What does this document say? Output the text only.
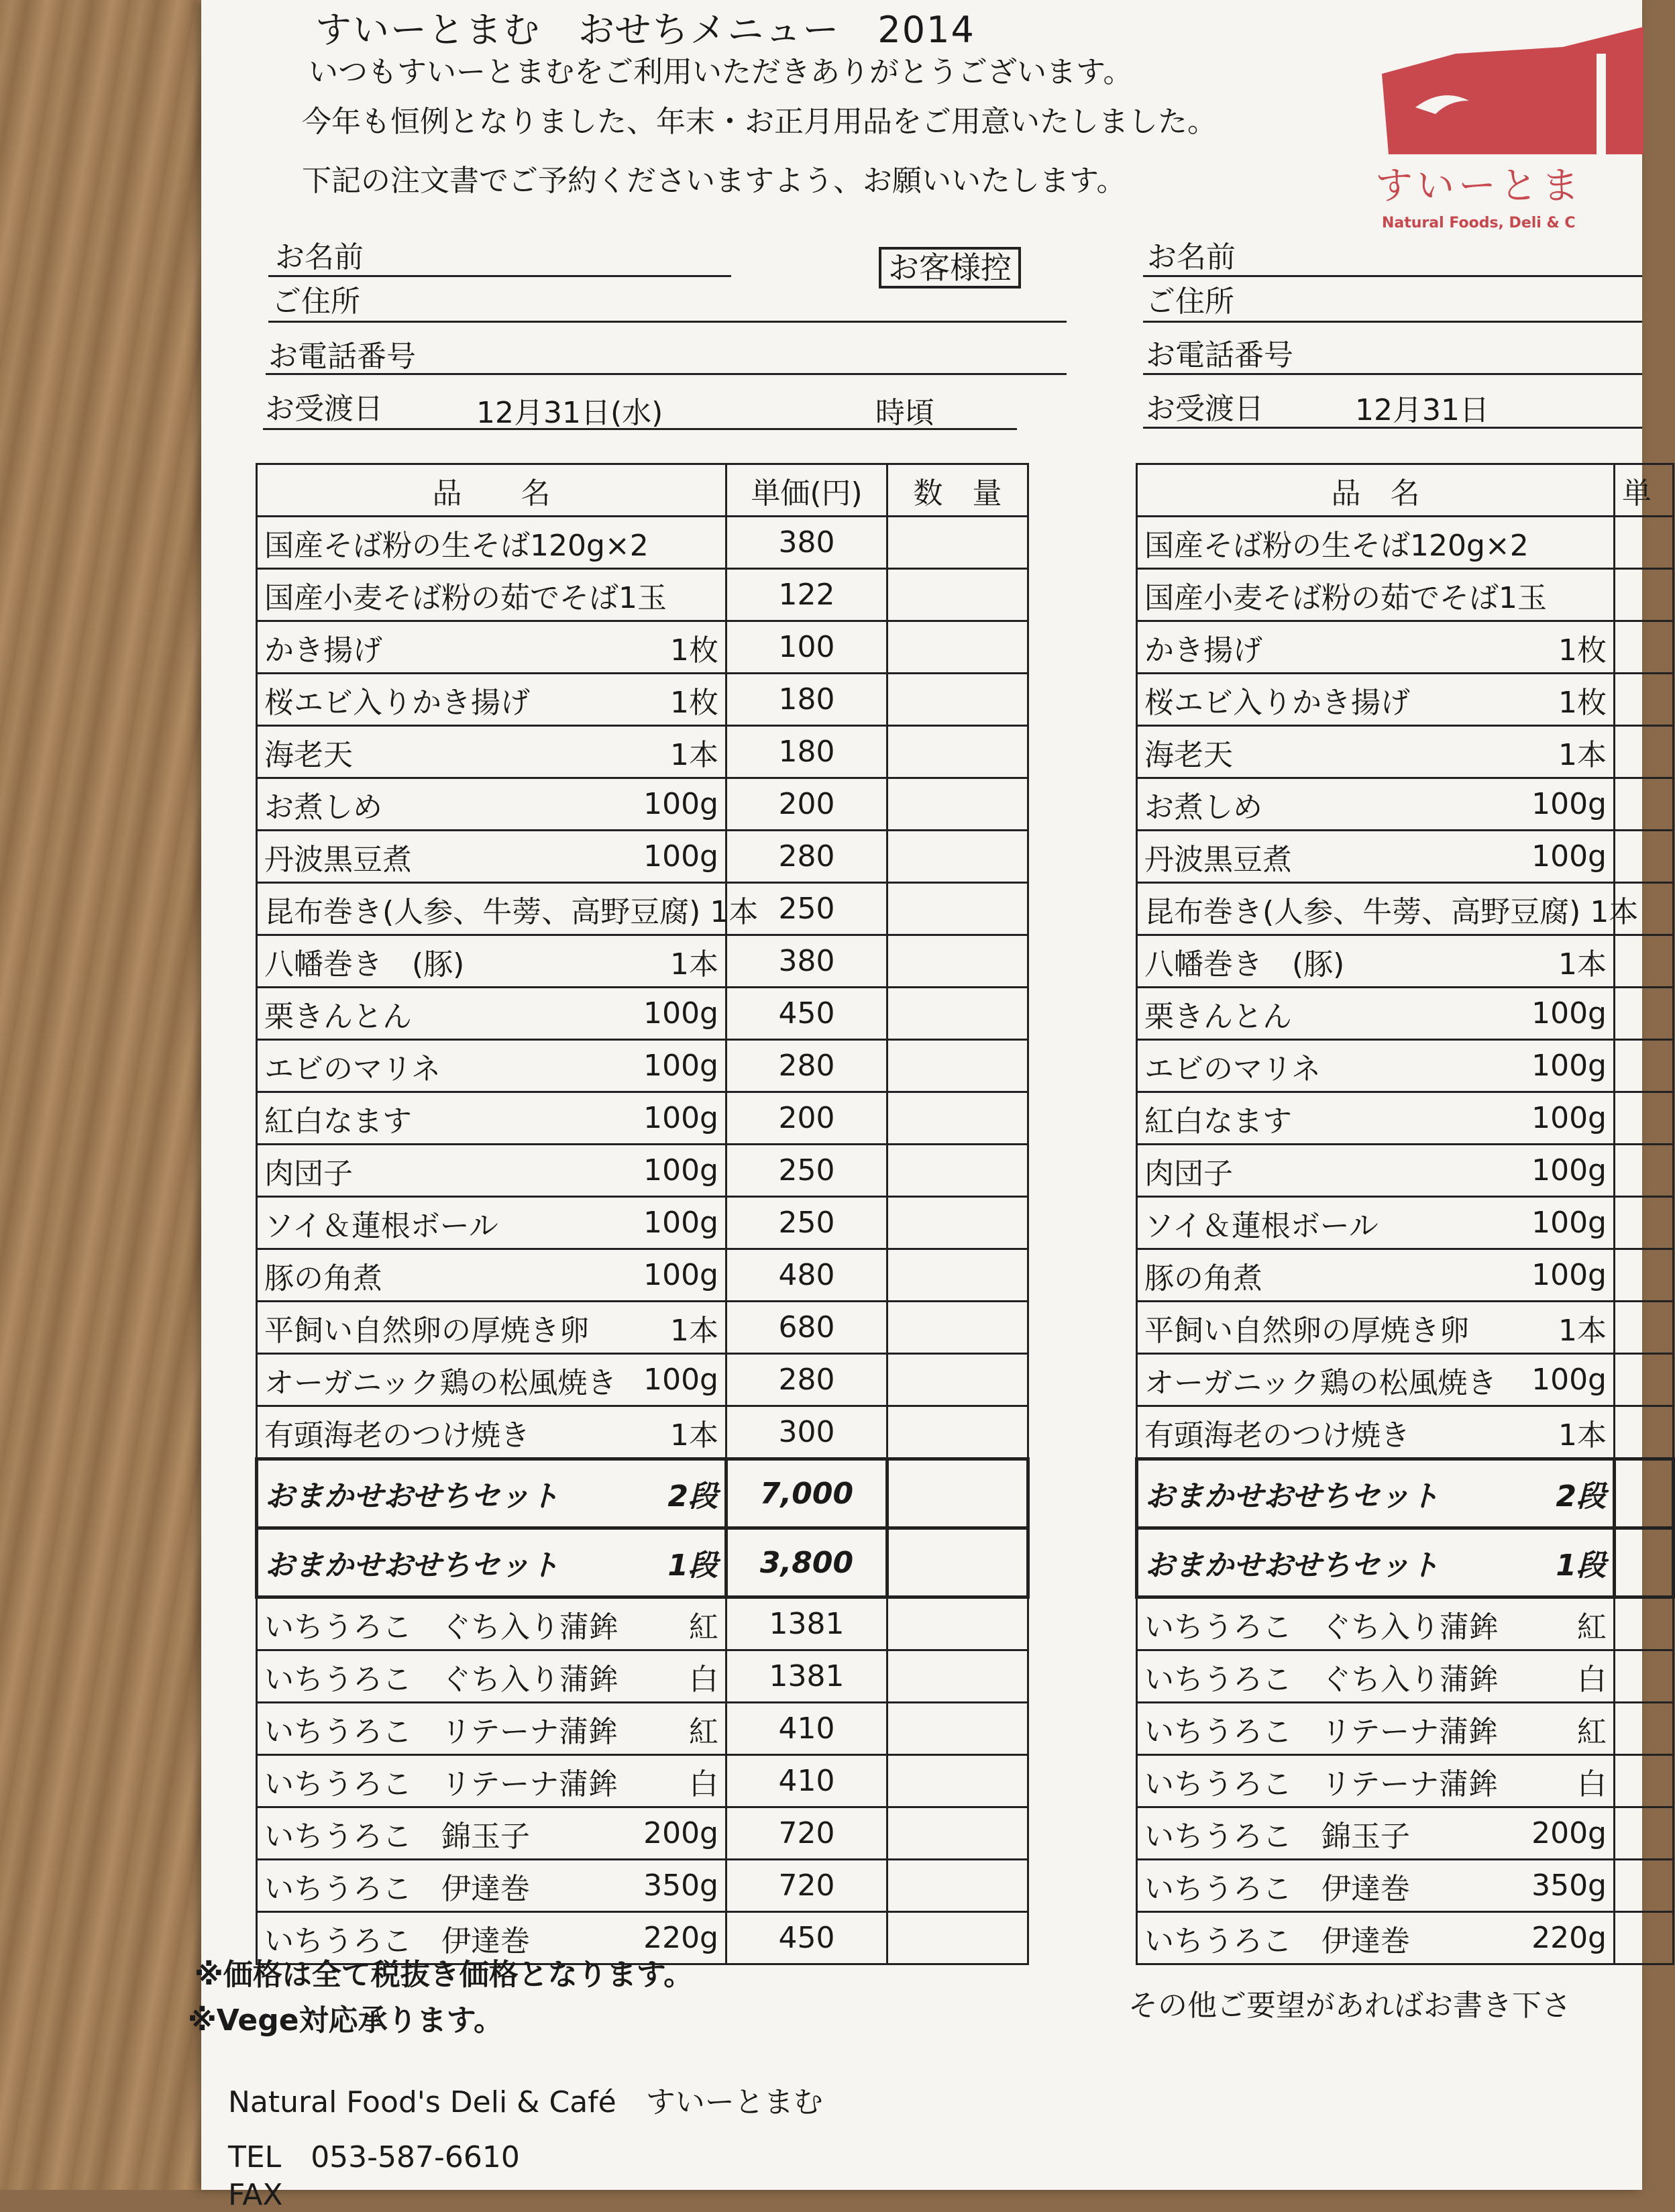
すいーとまむ　おせちメニュー　2014
いつもすいーとまむをご利用いただきありがとうございます。
今年も恒例となりました、年末・お正月用品をご用意いたしました。
下記の注文書でご予約くださいますよう、お願いいたします。	すいーとま
Natural Foods, Deli & C
お名前	お客様控
ご住所
お電話番号
お受渡日	12月31日(水)	時頃
品　　名	単価(円)	数　量

国産そば粉の生そば120g×2	380	

国産小麦そば粉の茹でそば1玉	122	

かき揚げ 1枚	100	

桜エビ入りかき揚げ 1枚	180	

海老天 1本	180	

お煮しめ 100g	200	

丹波黒豆煮 100g	280	

昆布巻き(人参、牛蒡、高野豆腐) 1本	250	

八幡巻き　(豚) 1本	380	

栗きんとん 100g	450	

エビのマリネ 100g	280	

紅白なます 100g	200	

肉団子 100g	250	

ソイ＆蓮根ボール 100g	250	

豚の角煮 100g	480	

平飼い自然卵の厚焼き卵 1本	680	

オーガニック鶏の松風焼き 100g	280	

有頭海老のつけ焼き 1本	300	

おまかせおせちセット 2段	7,000	

おまかせおせちセット 1段	3,800	

いちうろこ　ぐち入り蒲鉾 紅	1381	

いちうろこ　ぐち入り蒲鉾 白	1381	

いちうろこ　リテーナ蒲鉾 紅	410	

いちうろこ　リテーナ蒲鉾 白	410	

いちうろこ　錦玉子 200g	720	

いちうろこ　伊達巻 350g	720	

いちうろこ　伊達巻 220g	450	
※価格は全て税抜き価格となります。
※Vege対応承ります。
Natural Food's Deli & Café　すいーとまむ
TEL　053-587-6610
FAX
お名前
ご住所
お電話番号
お受渡日	12月31日
品　名	単

国産そば粉の生そば120g×2	

国産小麦そば粉の茹でそば1玉	

かき揚げ 1枚	

桜エビ入りかき揚げ 1枚	

海老天 1本	

お煮しめ 100g	

丹波黒豆煮 100g	

昆布巻き(人参、牛蒡、高野豆腐) 1本	

八幡巻き　(豚) 1本	

栗きんとん 100g	

エビのマリネ 100g	

紅白なます 100g	

肉団子 100g	

ソイ＆蓮根ボール 100g	

豚の角煮 100g	

平飼い自然卵の厚焼き卵 1本	

オーガニック鶏の松風焼き 100g	

有頭海老のつけ焼き 1本	

おまかせおせちセット 2段	

おまかせおせちセット 1段	

いちうろこ　ぐち入り蒲鉾 紅	

いちうろこ　ぐち入り蒲鉾 白	

いちうろこ　リテーナ蒲鉾 紅	

いちうろこ　リテーナ蒲鉾 白	

いちうろこ　錦玉子 200g	

いちうろこ　伊達巻 350g	

いちうろこ　伊達巻 220g	

その他ご要望があればお書き下さ
